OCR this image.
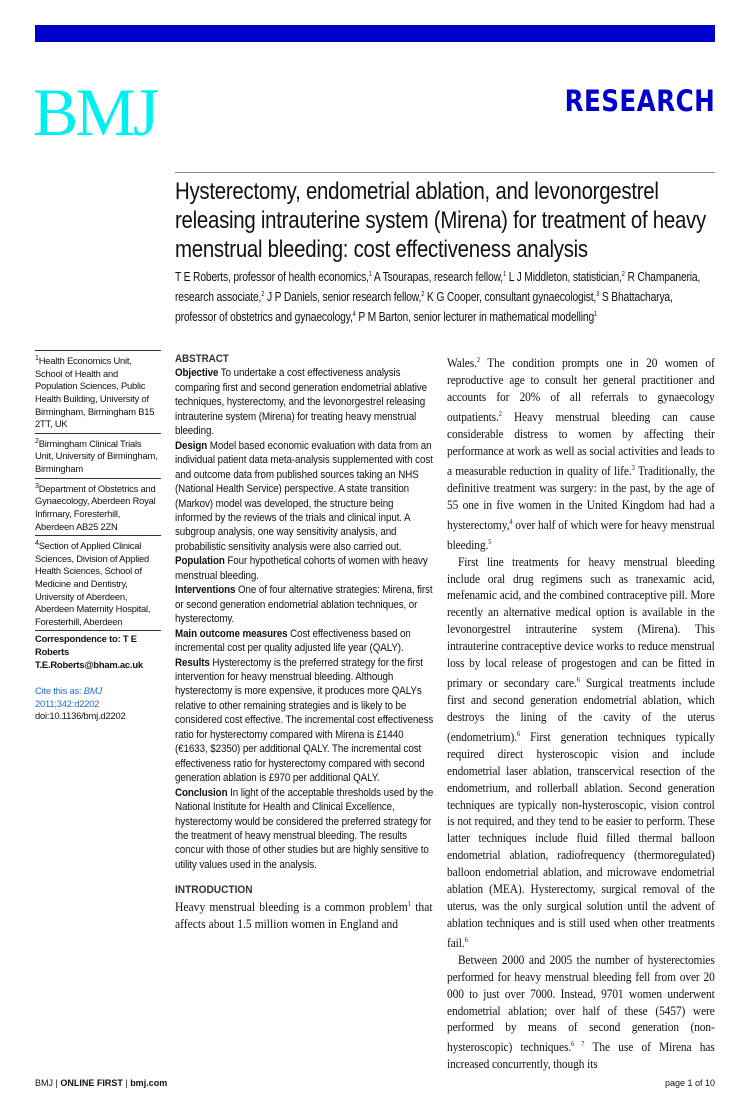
BMJ	RESEARCH
Hysterectomy, endometrial ablation, and levonorgestrel releasing intrauterine system (Mirena) for treatment of heavy menstrual bleeding: cost effectiveness analysis
T E Roberts, professor of health economics,$^1$ A Tsourapas, research fellow,$^1$ L J Middleton, statistician,$^2$ R Champaneria, research associate,$^2$ J P Daniels, senior research fellow,$^2$ K G Cooper, consultant gynaecologist,$^3$ S Bhattacharya, professor of obstetrics and gynaecology,$^4$ P M Barton, senior lecturer in mathematical modelling$^1$
$^1$Health Economics Unit, School of Health and Population Sciences, Public Health Building, University of Birmingham, Birmingham B15 2TT, UK
$^2$Birmingham Clinical Trials Unit, University of Birmingham, Birmingham
$^3$Department of Obstetrics and Gynaecology, Aberdeen Royal Infirmary, Foresterhill, Aberdeen AB25 2ZN
$^4$Section of Applied Clinical Sciences, Division of Applied Health Sciences, School of Medicine and Dentistry, University of Aberdeen, Aberdeen Maternity Hospital, Foresterhill, Aberdeen
Correspondence to: T E Roberts
T.E.Roberts@bham.ac.uk
Cite this as: BMJ 2011;342:d2202
doi:10.1136/bmj.d2202
ABSTRACT

Objective To undertake a cost effectiveness analysis comparing first and second generation endometrial ablative techniques, hysterectomy, and the levonorgestrel releasing intrauterine system (Mirena) for treating heavy menstrual bleeding.

Design Model based economic evaluation with data from an individual patient data meta-analysis supplemented with cost and outcome data from published sources taking an NHS (National Health Service) perspective. A state transition (Markov) model was developed, the structure being informed by the reviews of the trials and clinical input. A subgroup analysis, one way sensitivity analysis, and probabilistic sensitivity analysis were also carried out.

Population Four hypothetical cohorts of women with heavy menstrual bleeding.

Interventions One of four alternative strategies: Mirena, first or second generation endometrial ablation techniques, or hysterectomy.

Main outcome measures Cost effectiveness based on incremental cost per quality adjusted life year (QALY).

Results Hysterectomy is the preferred strategy for the first intervention for heavy menstrual bleeding. Although hysterectomy is more expensive, it produces more QALYs relative to other remaining strategies and is likely to be considered cost effective. The incremental cost effectiveness ratio for hysterectomy compared with Mirena is £1440 (€1633, $2350) per additional QALY. The incremental cost effectiveness ratio for hysterectomy compared with second generation ablation is £970 per additional QALY.

Conclusion In light of the acceptable thresholds used by the National Institute for Health and Clinical Excellence, hysterectomy would be considered the preferred strategy for the treatment of heavy menstrual bleeding. The results concur with those of other studies but are highly sensitive to utility values used in the analysis.

INTRODUCTION

Heavy menstrual bleeding is a common problem$^1$ that affects about 1.5 million women in England and

Wales.$^2$ The condition prompts one in 20 women of reproductive age to consult her general practitioner and accounts for 20% of all referrals to gynaecology outpatients.$^2$ Heavy menstrual bleeding can cause considerable distress to women by affecting their performance at work as well as social activities and leads to a measurable reduction in quality of life.$^3$ Traditionally, the definitive treatment was surgery: in the past, by the age of 55 one in five women in the United Kingdom had had a hysterectomy,$^4$ over half of which were for heavy menstrual bleeding.$^5$

First line treatments for heavy menstrual bleeding include oral drug regimens such as tranexamic acid, mefenamic acid, and the combined contraceptive pill. More recently an alternative medical option is available in the levonorgestrel intrauterine system (Mirena). This intrauterine contraceptive device works to reduce menstrual loss by local release of progestogen and can be fitted in primary or secondary care.$^6$ Surgical treatments include first and second generation endometrial ablation, which destroys the lining of the cavity of the uterus (endometrium).$^6$ First generation techniques typically required direct hysteroscopic vision and include endometrial laser ablation, transcervical resection of the endometrium, and rollerball ablation. Second generation techniques are typically non-hysteroscopic, vision control is not required, and they tend to be easier to perform. These latter techniques include fluid filled thermal balloon endometrial ablation, radiofrequency (thermoregulated) balloon endometrial ablation, and microwave endometrial ablation (MEA). Hysterectomy, surgical removal of the uterus, was the only surgical solution until the advent of ablation techniques and is still used when other treatments fail.$^6$

Between 2000 and 2005 the number of hysterectomies performed for heavy menstrual bleeding fell from over 20 000 to just over 7000. Instead, 9701 women underwent endometrial ablation; over half of these (5457) were performed by means of second generation (non-hysteroscopic) techniques.$^{6 7}$ The use of Mirena has increased concurrently, though its

BMJ | ONLINE FIRST | bmj.com	page 1 of 10
